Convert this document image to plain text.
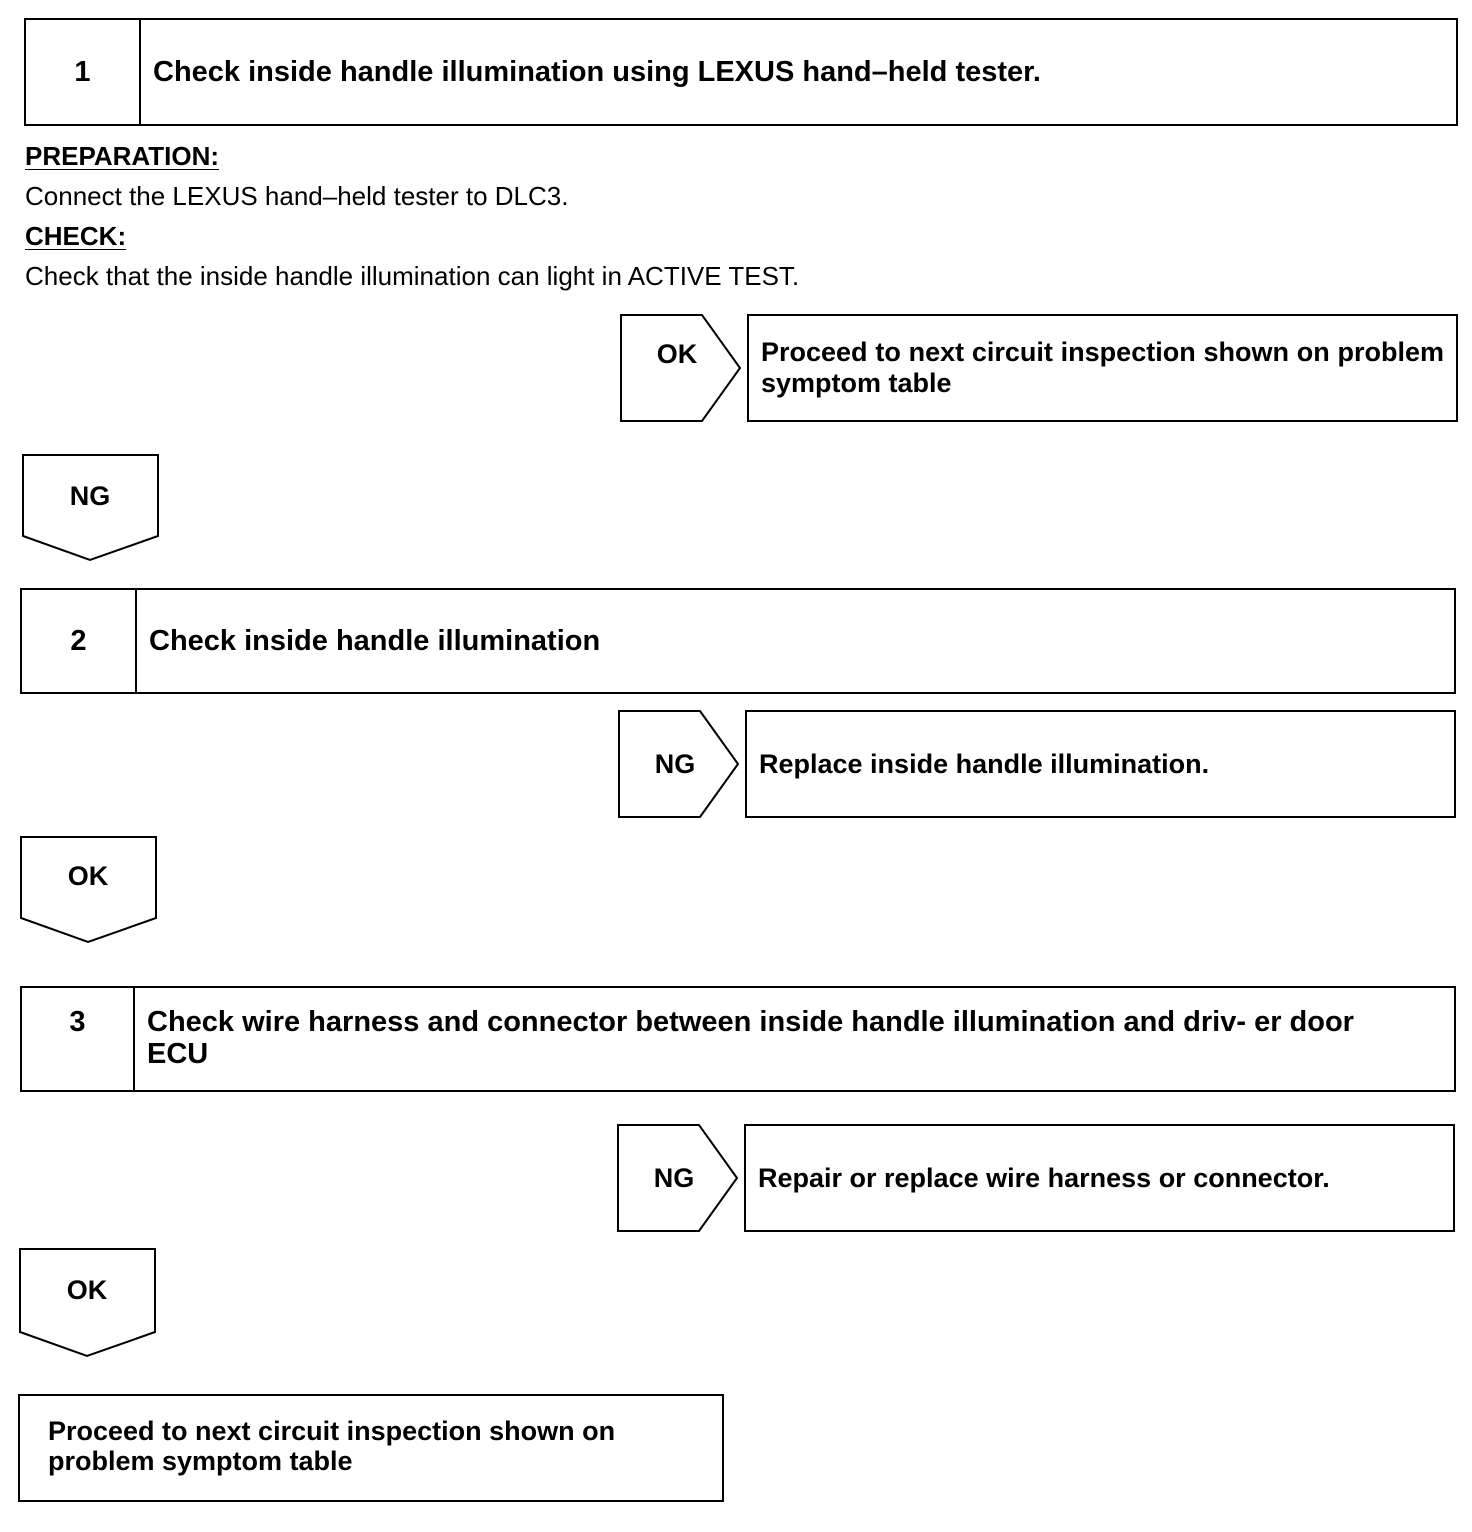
1	Check inside handle illumination using LEXUS hand–held tester.
PREPARATION:
Connect the LEXUS hand–held tester to DLC3.
CHECK:
Check that the inside handle illumination can light in ACTIVE TEST.
OK	Proceed to next circuit inspection shown on problem symptom table
NG
2	Check inside handle illumination
NG	Replace inside handle illumination.
OK
3	Check wire harness and connector between inside handle illumination and driv- er door ECU
NG	Repair or replace wire harness or connector.
OK
Proceed to next circuit inspection shown on problem symptom table
